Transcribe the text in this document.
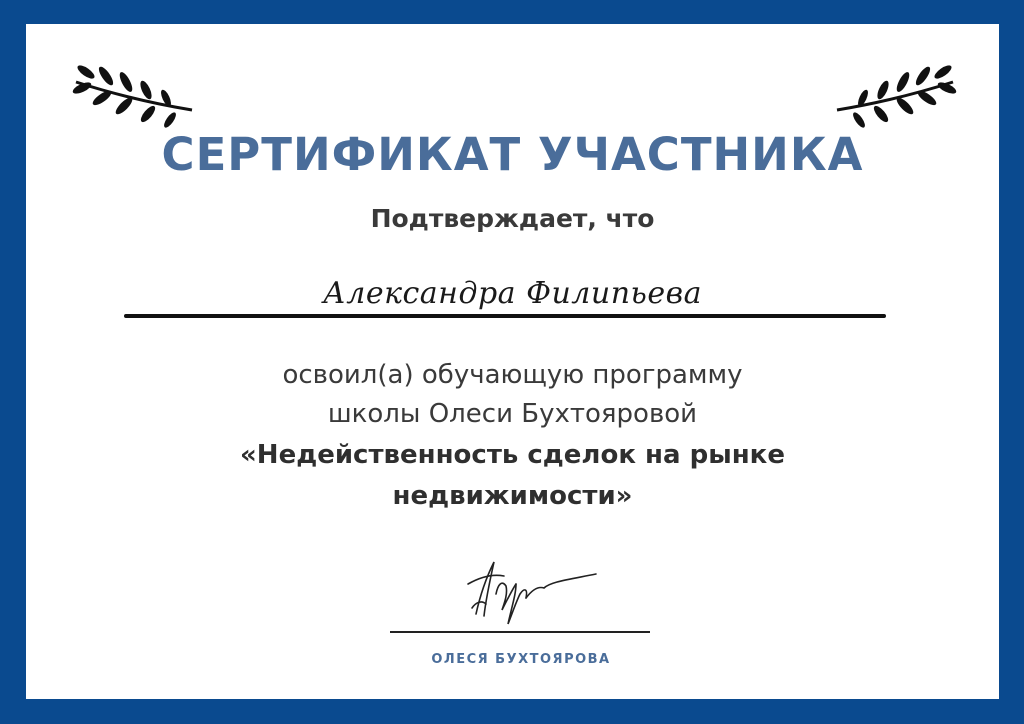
СЕРТИФИКАТ УЧАСТНИКА
Подтверждает, что
Александра Филипьева
освоил(а) обучающую программу
школы Олеси Бухтояровой
«Недейственность сделок на рынке
недвижимости»
ОЛЕСЯ БУХТОЯРОВА
